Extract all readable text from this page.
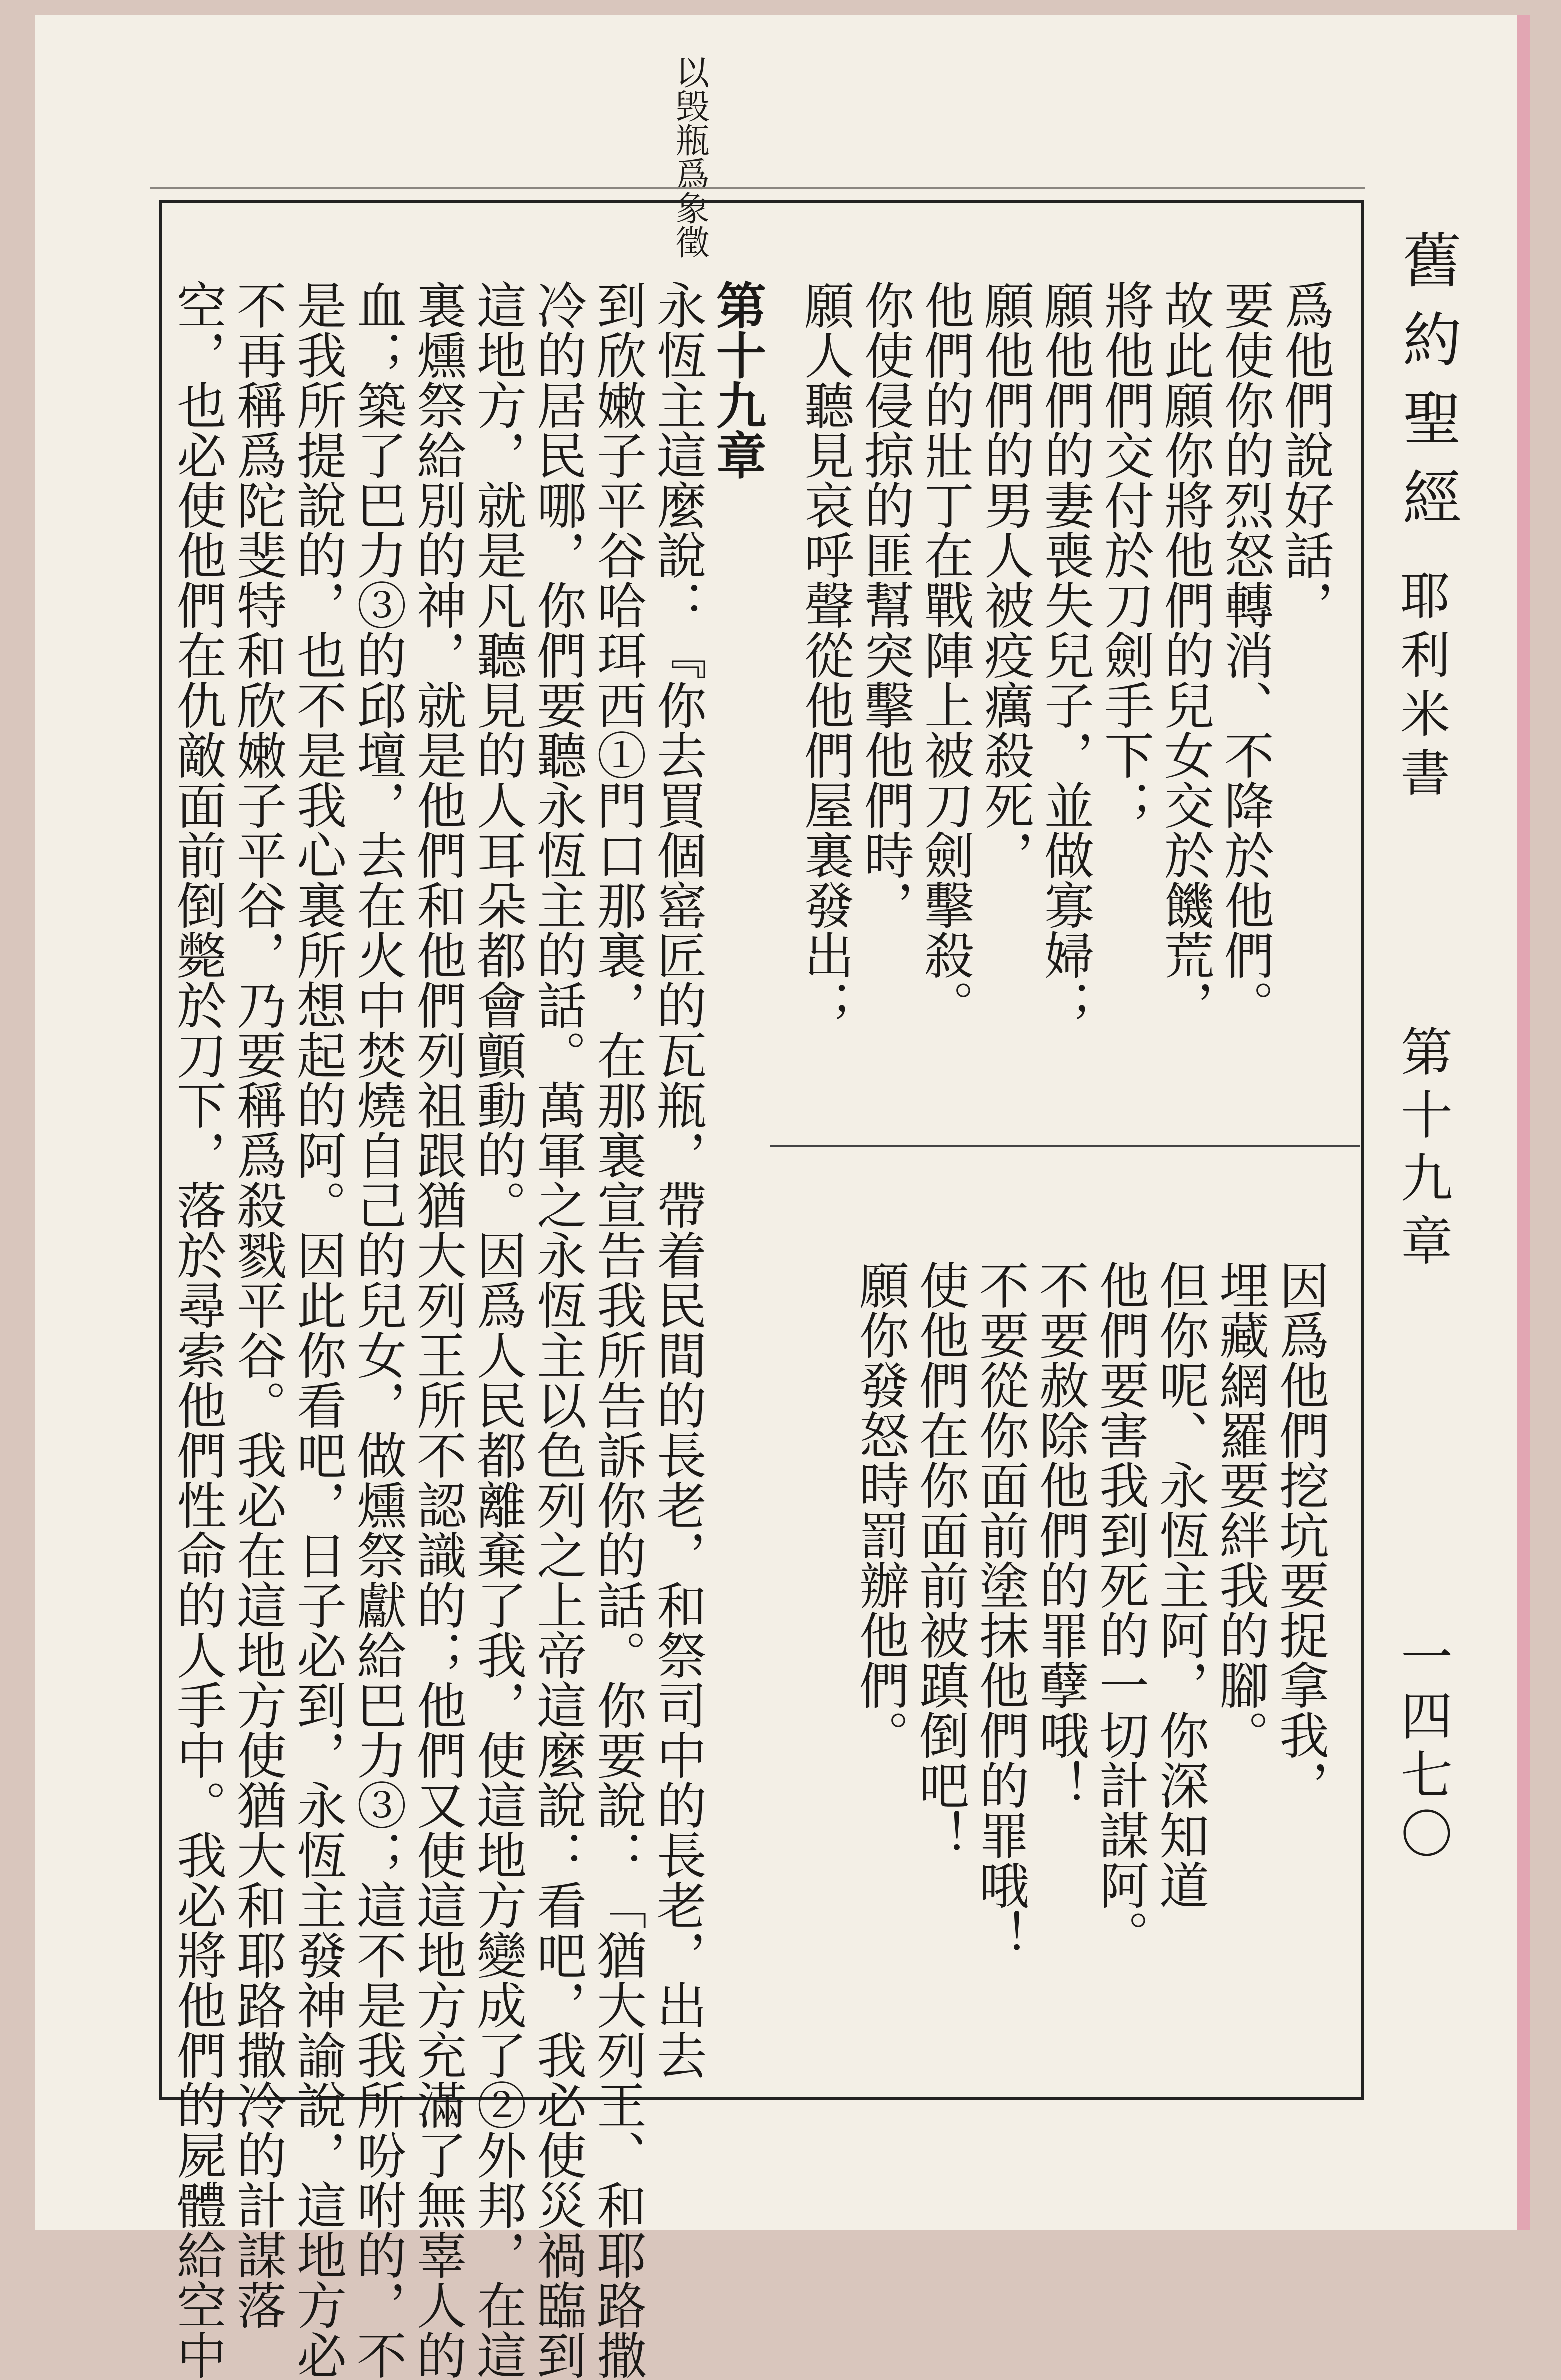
舊約聖經
耶利米書
第十九章
一四七〇
以毁瓶爲象徵
爲他們說好話，
要使你的烈怒轉消、不降於他們。
故此願你將他們的兒女交於饑荒，
將他們交付於刀劍手下；
願他們的妻喪失兒子，並做寡婦；
願他們的男人被疫癘殺死，
他們的壯丁在戰陣上被刀劍擊殺。
你使侵掠的匪幫突擊他們時，
願人聽見哀呼聲從他們屋裏發出；
因爲他們挖坑要捉拿我，
埋藏網羅要絆我的腳。
但你呢、永恆主阿，你深知道
他們要害我到死的一切計謀阿。
不要赦除他們的罪孽哦！
不要從你面前塗抹他們的罪哦！
使他們在你面前被蹎倒吧！
願你發怒時罰辦他們。
第十九章
永恆主這麼說：『你去買個窰匠的瓦瓶，帶着民間的長老，和祭司中的長老，出去
到欣嫩子平谷哈珥西①門口那裏，在那裏宣告我所告訴你的話。你要說：「猶大列王、和耶路撒
冷的居民哪，你們要聽永恆主的話。萬軍之永恆主以色列之上帝這麼說：看吧，我必使災禍臨到
這地方，就是凡聽見的人耳朵都會顫動的。因爲人民都離棄了我，使這地方變成了②外邦，在這
裏燻祭給別的神，就是他們和他們列祖跟猶大列王所不認識的；他們又使這地方充滿了無辜人的
血；築了巴力③的邱壇，去在火中焚燒自己的兒女，做燻祭獻給巴力③；這不是我所吩咐的，不
是我所提說的，也不是我心裏所想起的阿。因此你看吧，日子必到，永恆主發神諭說，這地方必
不再稱爲陀斐特和欣嫩子平谷，乃要稱爲殺戮平谷。我必在這地方使猶大和耶路撒冷的計謀落
空，也必使他們在仇敵面前倒斃於刀下，落於尋索他們性命的人手中。我必將他們的屍體給空中
